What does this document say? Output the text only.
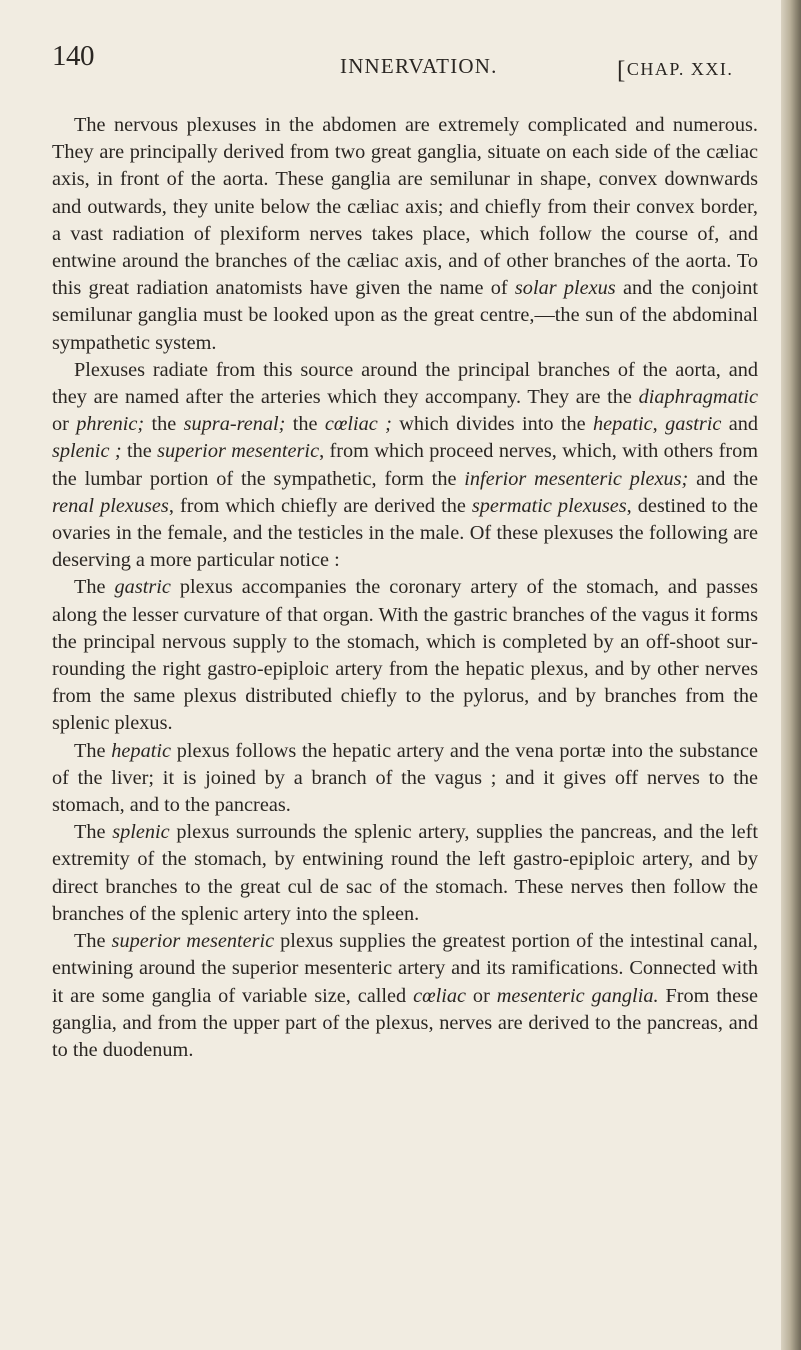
140	INNERVATION.	[CHAP. XXI.

The nervous plexuses in the abdomen are extremely complicated and numerous. They are principally derived from two great ganglia, situate on each side of the cæliac axis, in front of the aorta. These ganglia are semilunar in shape, convex downwards and outwards, they unite below the cæliac axis; and chiefly from their convex border, a vast radiation of plexiform nerves takes place, which follow the course of, and entwine around the branches of the cæliac axis, and of other branches of the aorta. To this great radiation anatomists have given the name of solar plexus and the conjoint semilunar ganglia must be looked upon as the great centre,—the sun of the abdominal sympathetic system.

Plexuses radiate from this source around the principal branches of the aorta, and they are named after the arteries which they accompany. They are the diaphragmatic or phrenic; the supra-renal; the cœliac ; which divides into the hepatic, gastric and splenic ; the superior mesenteric, from which proceed nerves, which, with others from the lumbar portion of the sympathetic, form the inferior mesenteric plexus; and the renal plexuses, from which chiefly are derived the spermatic plexuses, destined to the ovaries in the female, and the testicles in the male. Of these plexuses the following are deserving a more particular notice :

The gastric plexus accompanies the coronary artery of the stomach, and passes along the lesser curvature of that organ. With the gastric branches of the vagus it forms the principal nervous supply to the stomach, which is completed by an off-shoot surrounding the right gastro-epiploic artery from the hepatic plexus, and by other nerves from the same plexus distributed chiefly to the pylorus, and by branches from the splenic plexus.

The hepatic plexus follows the hepatic artery and the vena portæ into the substance of the liver; it is joined by a branch of the vagus ; and it gives off nerves to the stomach, and to the pancreas.

The splenic plexus surrounds the splenic artery, supplies the pancreas, and the left extremity of the stomach, by entwining round the left gastro-epiploic artery, and by direct branches to the great cul de sac of the stomach. These nerves then follow the branches of the splenic artery into the spleen.

The superior mesenteric plexus supplies the greatest portion of the intestinal canal, entwining around the superior mesenteric artery and its ramifications. Connected with it are some ganglia of variable size, called cœliac or mesenteric ganglia. From these ganglia, and from the upper part of the plexus, nerves are derived to the pancreas, and to the duodenum.
